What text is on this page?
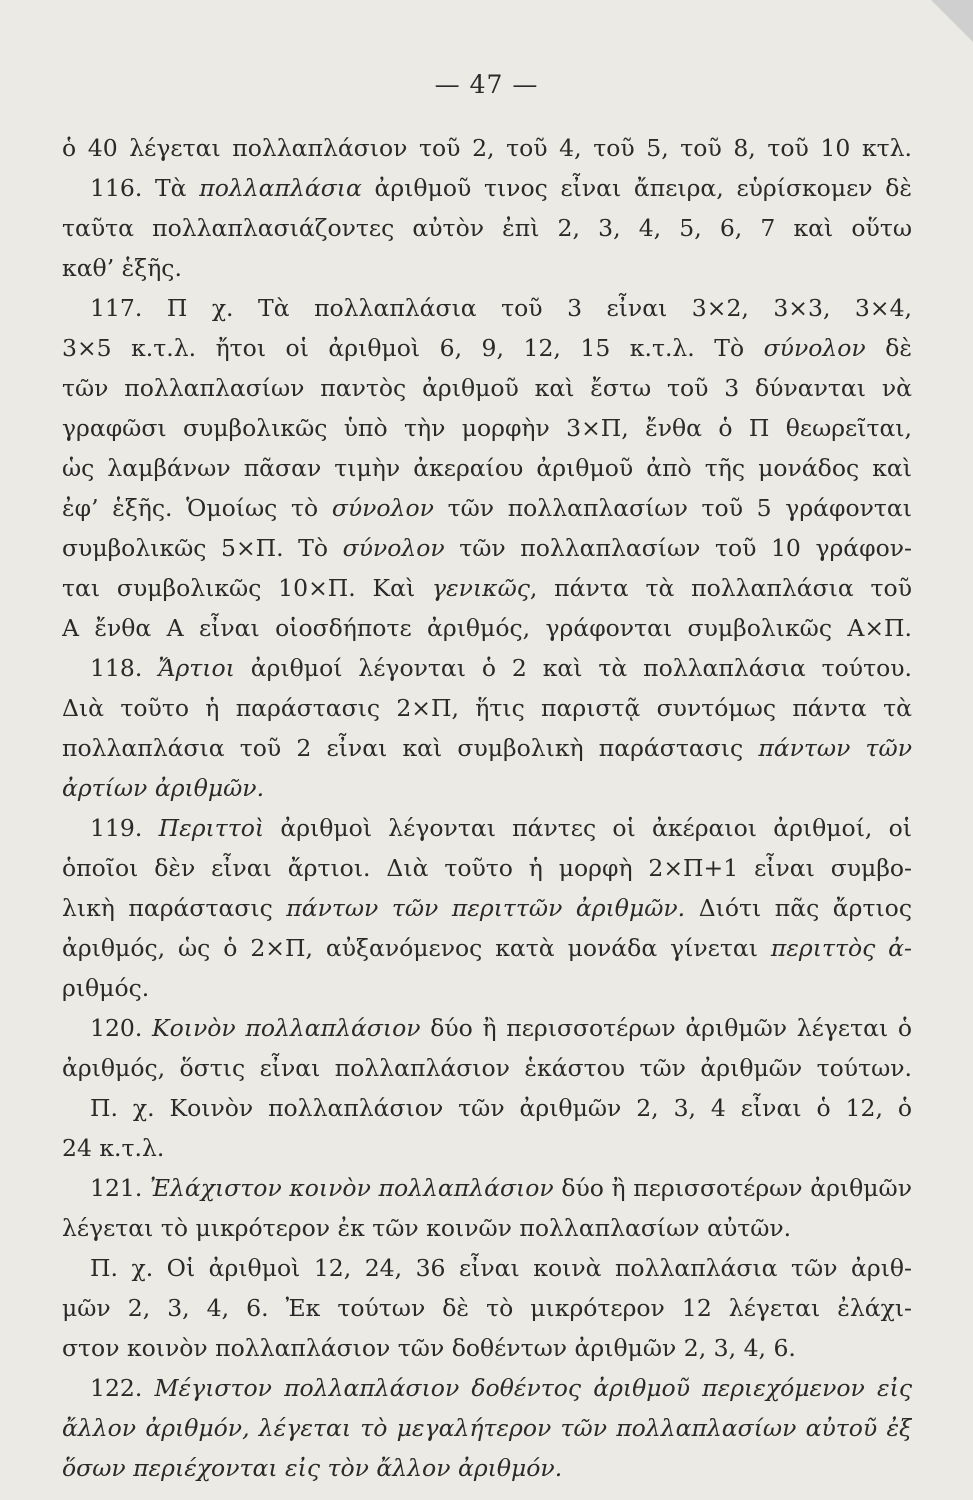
— 47 —
ὁ 40 λέγεται πολλαπλάσιον τοῦ 2, τοῦ 4, τοῦ 5, τοῦ 8, τοῦ 10 κτλ.
116. Τὰ πολλαπλάσια ἀριθμοῦ τινος εἶναι ἄπειρα, εὑρίσκομεν δὲ
ταῦτα πολλαπλασιάζοντες αὐτὸν ἐπὶ 2, 3, 4, 5, 6, 7 καὶ οὕτω
καθ’ ἑξῆς.
117. Π χ. Τὰ πολλαπλάσια τοῦ 3 εἶναι 3×2, 3×3, 3×4,
3×5 κ.τ.λ. ἤτοι οἱ ἀριθμοὶ 6, 9, 12, 15 κ.τ.λ. Τὸ σύνολον δὲ
τῶν πολλαπλασίων παντὸς ἀριθμοῦ καὶ ἔστω τοῦ 3 δύνανται νὰ
γραφῶσι συμβολικῶς ὑπὸ τὴν μορφὴν 3×Π, ἔνθα ὁ Π θεωρεῖται,
ὡς λαμβάνων πᾶσαν τιμὴν ἀκεραίου ἀριθμοῦ ἀπὸ τῆς μονάδος καὶ
ἐφ’ ἑξῆς. Ὁμοίως τὸ σύνολον τῶν πολλαπλασίων τοῦ 5 γράφονται
συμβολικῶς 5×Π. Τὸ σύνολον τῶν πολλαπλασίων τοῦ 10 γράφον-
ται συμβολικῶς 10×Π. Καὶ γενικῶς, πάντα τὰ πολλαπλάσια τοῦ
Α ἔνθα Α εἶναι οἱοσδήποτε ἀριθμός, γράφονται συμβολικῶς Α×Π.
118. Ἄρτιοι ἀριθμοί λέγονται ὁ 2 καὶ τὰ πολλαπλάσια τούτου.
Διὰ τοῦτο ἡ παράστασις 2×Π, ἥτις παριστᾷ συντόμως πάντα τὰ
πολλαπλάσια τοῦ 2 εἶναι καὶ συμβολικὴ παράστασις πάντων τῶν
ἀρτίων ἀριθμῶν.
119. Περιττοὶ ἀριθμοὶ λέγονται πάντες οἱ ἀκέραιοι ἀριθμοί, οἱ
ὁποῖοι δὲν εἶναι ἄρτιοι. Διὰ τοῦτο ἡ μορφὴ 2×Π+1 εἶναι συμβο-
λικὴ παράστασις πάντων τῶν περιττῶν ἀριθμῶν. Διότι πᾶς ἄρτιος
ἀριθμός, ὡς ὁ 2×Π, αὐξανόμενος κατὰ μονάδα γίνεται περιττὸς ἀ-
ριθμός.
120. Κοινὸν πολλαπλάσιον δύο ἢ περισσοτέρων ἀριθμῶν λέγεται ὁ
ἀριθμός, ὅστις εἶναι πολλαπλάσιον ἑκάστου τῶν ἀριθμῶν τούτων.
Π. χ. Κοινὸν πολλαπλάσιον τῶν ἀριθμῶν 2, 3, 4 εἶναι ὁ 12, ὁ
24 κ.τ.λ.
121. Ἐλάχιστον κοινὸν πολλαπλάσιον δύο ἢ περισσοτέρων ἀριθμῶν
λέγεται τὸ μικρότερον ἐκ τῶν κοινῶν πολλαπλασίων αὐτῶν.
Π. χ. Οἱ ἀριθμοὶ 12, 24, 36 εἶναι κοινὰ πολλαπλάσια τῶν ἀριθ-
μῶν 2, 3, 4, 6. Ἐκ τούτων δὲ τὸ μικρότερον 12 λέγεται ἐλάχι-
στον κοινὸν πολλαπλάσιον τῶν δοθέντων ἀριθμῶν 2, 3, 4, 6.
122. Μέγιστον πολλαπλάσιον δοθέντος ἀριθμοῦ περιεχόμενον εἰς
ἄλλον ἀριθμόν, λέγεται τὸ μεγαλήτερον τῶν πολλαπλασίων αὐτοῦ ἐξ
ὅσων περιέχονται εἰς τὸν ἄλλον ἀριθμόν.
